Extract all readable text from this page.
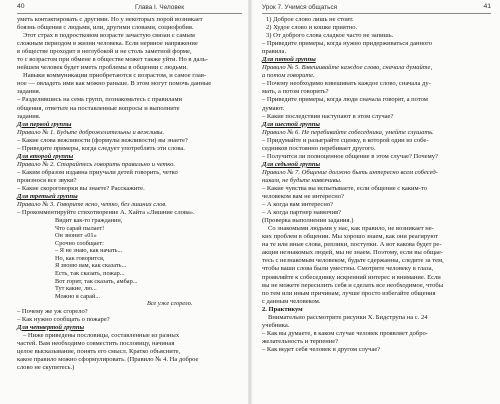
40	Глава I. Человек

уметь контактировать с другими. Но у некоторых порой возникает

боязнь общения с людьми, или, другими словами, социофобия.

Этот страх в подростковом возрасте зачастую связан с самым

сложным периодом в жизни человека. Если нервное напряжение

в обществе проходит в неглубокой и не столь заметной форме,

то с возрастом при обмене в обществе может также уйти. Но в даль-

нейшем человек будет иметь проблемы в общении с людьми.

Навыки коммуникации приобретаются с возрастом, и самое глав-

ное — овладеть ими как можно раньше. В этом могут помочь данные

задания.

– Разделившись на семь групп, познакомьтесь с правилами

общения, ответьте на поставленные вопросы и выполните

задания.

Для первой группы

Правило № 1. Будьте доброжелательны и вежливы.

– Какие слова вежливости (формулы вежливости) вы знаете?

– Приведите примеры, когда следует употреблять эти слова.

Для второй группы

Правило № 2. Старайтесь говорить правильно и четко.

– Каким образом издавна приучали детей говорить, четко

произнося все звуки?

– Какие скороговорки вы знаете? Расскажите.

Для третьей группы

Правило № 3. Говорите ясно, четко, без лишних слов.

– Прокомментируйте стихотворение А. Хайта «Лишние слова».

Видит как-то гражданин,

Что сарай пылает!

Он звонит «01»

Срочно сообщает:

– Я не знаю, как начать...

Но, как говорится,

Я звоню вам, как сказать...

Есть, так сказать, пожар...

Вот горит, так сказать, амбар...

Тут какие, лю...

Можно я сарай...

Все уже сгорело.

– Почему же уж сгорело?

– Как нужно сообщать о пожаре?

Для четвертой группы

– Ниже приведены пословицы, составленные из разных

частей. Вам необходимо совместить пословицу, начиная

целое высказывание, понять его смысл. Кратко объясните,

какое правило можно сформулировать. (Правило № 4. На доброе

слово не скупитесь.)

Урок 7. Учимся общаться	41

1) Доброе слово лишь не стоит.

2) Худое слово и кошке приятно.

3) От доброго слова сладкое часто не запишь.

– Приведите примеры, когда нужно придерживаться данного

правила.

Для пятой группы

Правило № 5. Взвешивайте каждое слово, сначала думайте,

а потом говорите.

– Почему необходимо взвешивать каждое слово, сначала ду-

мать, а потом говорить?

– Приведите примеры, когда люди сначала говорят, а потом

думают.

– Какие последствия наступают в этом случае?

Для шестой группы

Правило № 6. Не перебивайте собеседника, умейте слушать.

– Придумайте и разыграйте сценку, в которой один из собе-

седников постоянно перебивает другого.

– Получится ли полноценное общение в этом случае? Почему?

Для седьмой группы

Правило № 7. Общение должно быть интересно всем собесед-

никам, не будьте навязчивы.

– Какие чувства вы испытываете, если общение с каким-то

человеком вам не интересно?

– А когда вам интересно?

– А когда партнер навязчив?

(Проверка выполнения задания.)

Со знакомыми людьми у нас, как правило, не возникает не-

ких проблем в общении. Мы хорошо знаем, как они реагируют

на те или иные слова, реплики, поступки. А вот какова будет ре-

акция незнакомых людей, мы не знаем. Поэтому, если вы общае-

тесь с незнакомым человеком, будьте сдержанны, следите за тем,

чтобы ваши слова были уместны. Смотрите человеку в глаза,

проявляйте к собеседнику искренний интерес и внимание. Если

вы не можете пересилить себя и сделать все необходимое, чтобы

по тем или иным причинам, лучше просто избегайте общения

с данным человеком.

2. Практикум

Внимательно рассмотрите рисунки Х. Бидструпа на с. 24

учебника.

– Как вы думаете, в каком случае человек проявляет добро-

желательность и терпение?

– Как ведет себя человек в другом случае?
